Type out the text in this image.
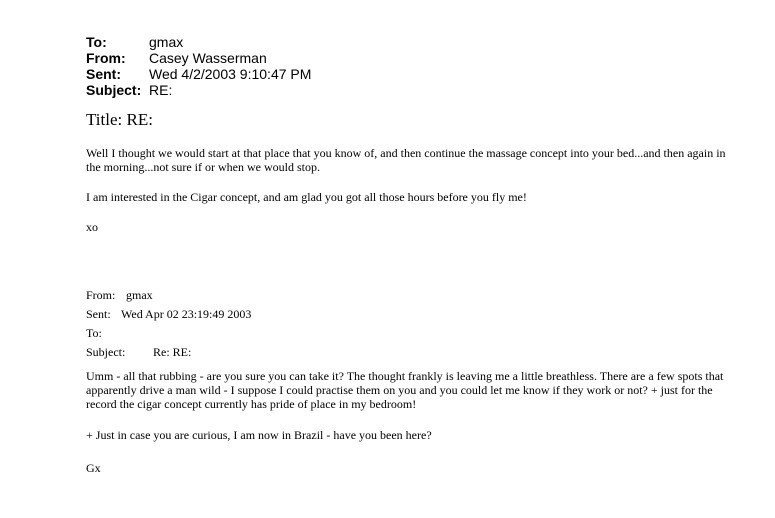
To:	gmax
From:	Casey Wasserman
Sent:	Wed 4/2/2003 9:10:47 PM
Subject: RE:
Title: RE:

Well I thought we would start at that place that you know of, and then continue the massage concept into your bed...and then again in the morning...not sure if or when we would stop.

I am interested in the Cigar concept, and am glad you got all those hours before you fly me!

xo

From: gmax
Sent: Wed Apr 02 23:19:49 2003
To:
Subject:	Re: RE:

Umm - all that rubbing - are you sure you can take it? The thought frankly is leaving me a little breathless. There are a few spots that apparently drive a man wild - I suppose I could practise them on you and you could let me know if they work or not? + just for the record the cigar concept currently has pride of place in my bedroom!

+ Just in case you are curious, I am now in Brazil - have you been here?

Gx
